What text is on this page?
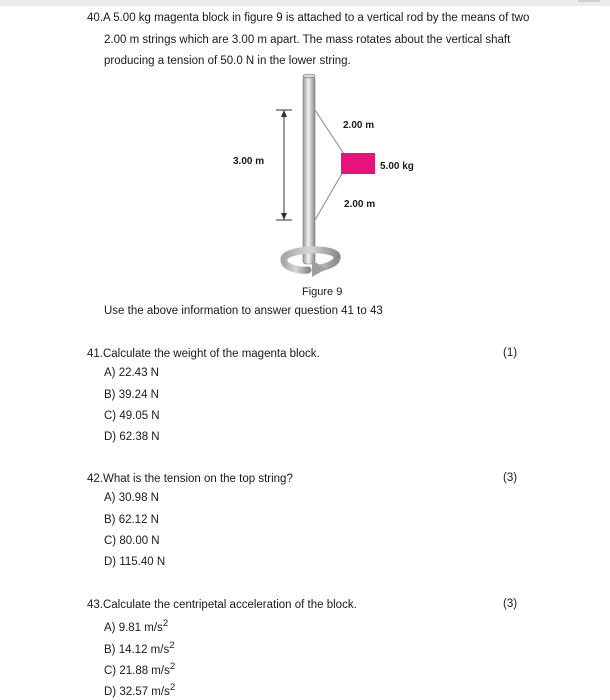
40.A 5.00 kg magenta block in figure 9 is attached to a vertical rod by the means of two
2.00 m strings which are 3.00 m apart. The mass rotates about the vertical shaft
producing a tension of 50.0 N in the lower string.
2.00 m
3.00 m	5.00 kg
2.00 m
Figure 9
Use the above information to answer question 41 to 43
41.Calculate the weight of the magenta block.	(1)
A) 22.43 N
B) 39.24 N
C) 49.05 N
D) 62.38 N
42.What is the tension on the top string?	(3)
A) 30.98 N
B) 62.12 N
C) 80.00 N
D) 115.40 N
43.Calculate the centripetal acceleration of the block.	(3)
A) 9.81 $m/s^2$
B) 14.12 $m/s^2$
C) 21.88 $m/s^2$
D) 32.57 $m/s^2$
